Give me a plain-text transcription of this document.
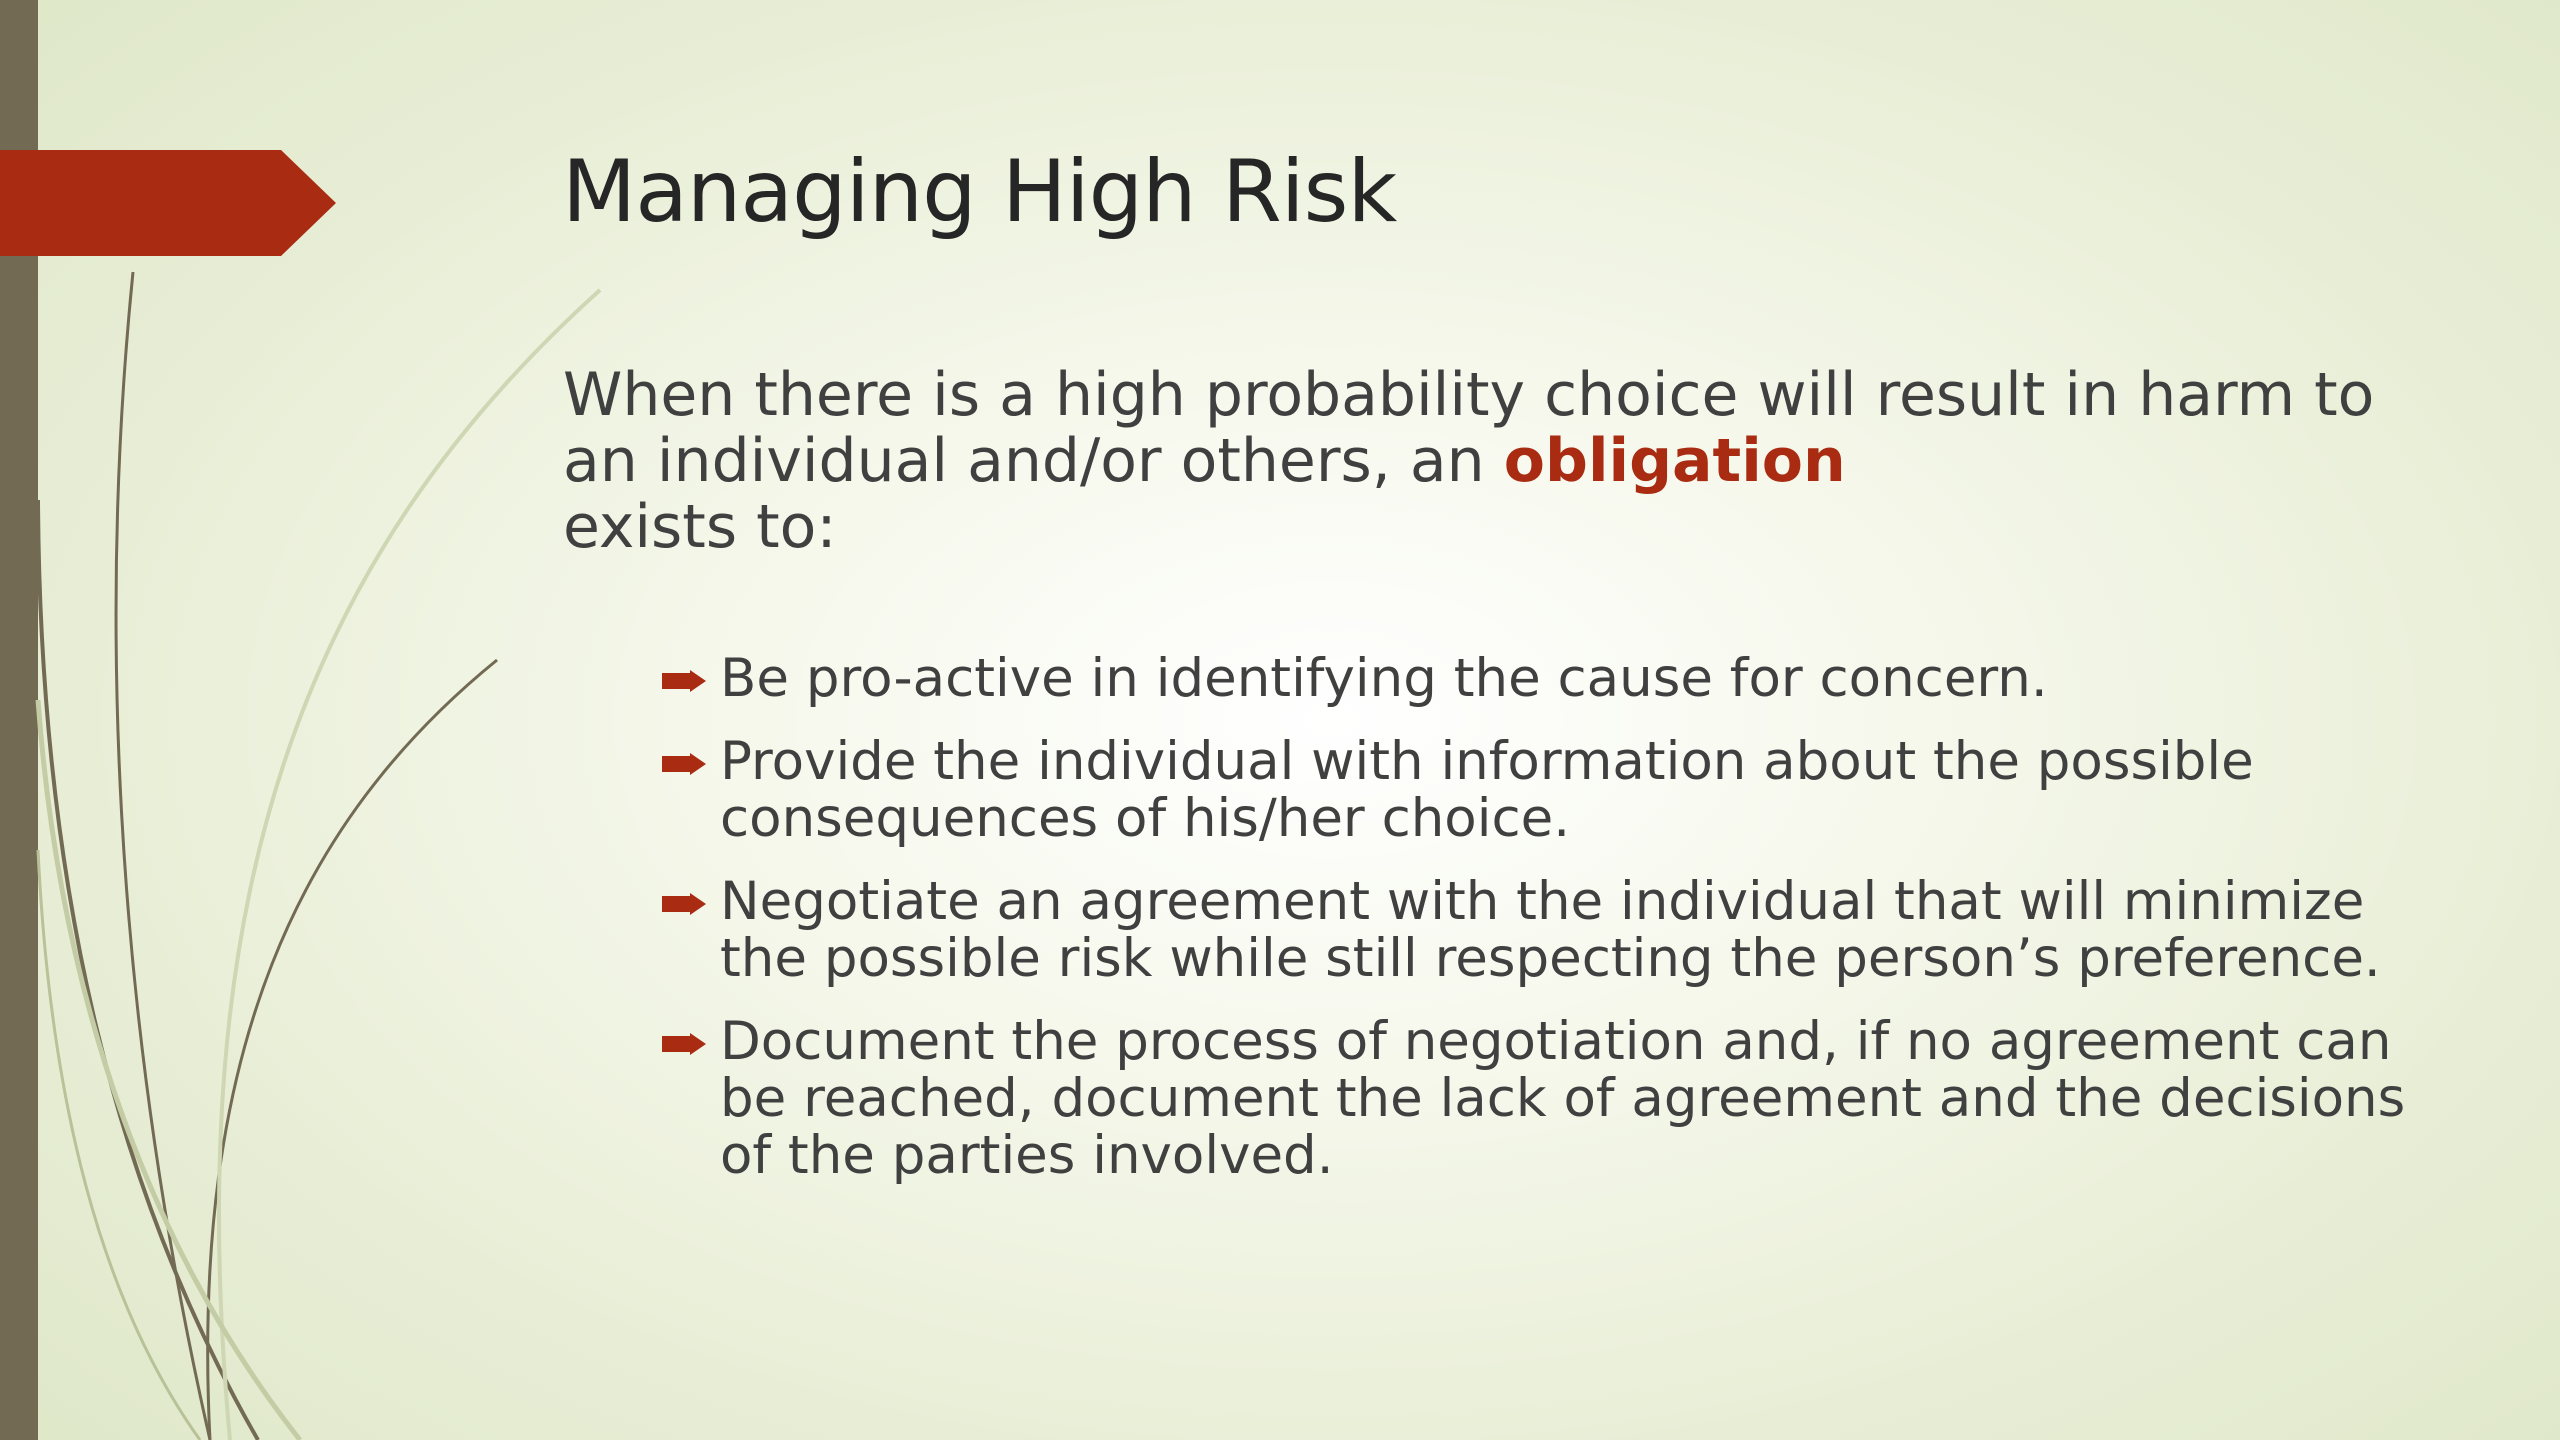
Managing High Risk
When there is a high probability choice will result in harm to an individual and/or others, an obligation
exists to:
Be pro-active in identifying the cause for concern.
Provide the individual with information about the possible consequences of his/her choice.
Negotiate an agreement with the individual that will minimize the possible risk while still respecting the person’s preference.
Document the process of negotiation and, if no agreement can be reached, document the lack of agreement and the decisions of the parties involved.
